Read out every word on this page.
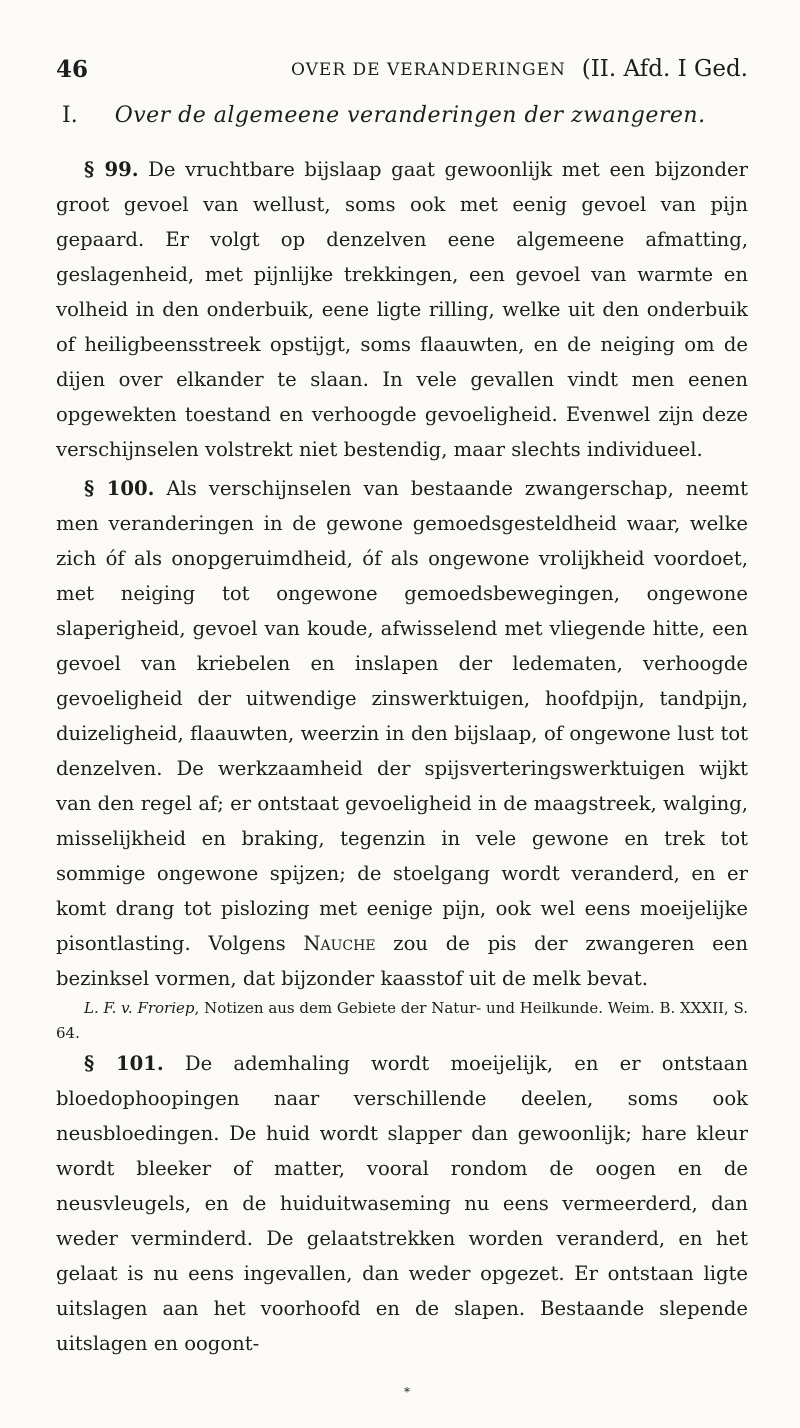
46	OVER DE VERANDERINGEN (II. Afd. I Ged.
I. Over de algemeene veranderingen der zwangeren.

§ 99. De vruchtbare bijslaap gaat gewoonlijk met een bijzonder groot gevoel van wellust, soms ook met eenig gevoel van pijn gepaard. Er volgt op denzelven eene algemeene afmatting, geslagenheid, met pijnlijke trekkingen, een gevoel van warmte en volheid in den onderbuik, eene ligte rilling, welke uit den onderbuik of heiligbeensstreek opstijgt, soms flaauwten, en de neiging om de dijen over elkander te slaan. In vele gevallen vindt men eenen opgewekten toestand en verhoogde gevoeligheid. Evenwel zijn deze verschijnselen volstrekt niet bestendig, maar slechts individueel.

§ 100. Als verschijnselen van bestaande zwangerschap, neemt men veranderingen in de gewone gemoedsgesteldheid waar, welke zich óf als onopgeruimdheid, óf als ongewone vrolijkheid voordoet, met neiging tot ongewone gemoedsbewegingen, ongewone slaperigheid, gevoel van koude, afwisselend met vliegende hitte, een gevoel van kriebelen en inslapen der ledematen, verhoogde gevoeligheid der uitwendige zinswerktuigen, hoofdpijn, tandpijn, duizeligheid, flaauwten, weerzin in den bijslaap, of ongewone lust tot denzelven. De werkzaamheid der spijsverteringswerktuigen wijkt van den regel af; er ontstaat gevoeligheid in de maagstreek, walging, misselijkheid en braking, tegenzin in vele gewone en trek tot sommige ongewone spijzen; de stoelgang wordt veranderd, en er komt drang tot pislozing met eenige pijn, ook wel eens moeijelijke pisontlasting. Volgens Nauche zou de pis der zwangeren een bezinksel vormen, dat bijzonder kaasstof uit de melk bevat.

L. F. v. Froriep, Notizen aus dem Gebiete der Natur- und Heilkunde. Weim. B. XXXII, S. 64.

§ 101. De ademhaling wordt moeijelijk, en er ontstaan bloedophoopingen naar verschillende deelen, soms ook neusbloedingen. De huid wordt slapper dan gewoonlijk; hare kleur wordt bleeker of matter, vooral rondom de oogen en de neusvleugels, en de huiduitwaseming nu eens vermeerderd, dan weder verminderd. De gelaatstrekken worden veranderd, en het gelaat is nu eens ingevallen, dan weder opgezet. Er ontstaan ligte uitslagen aan het voorhoofd en de slapen. Bestaande slepende uitslagen en oogont-

*
